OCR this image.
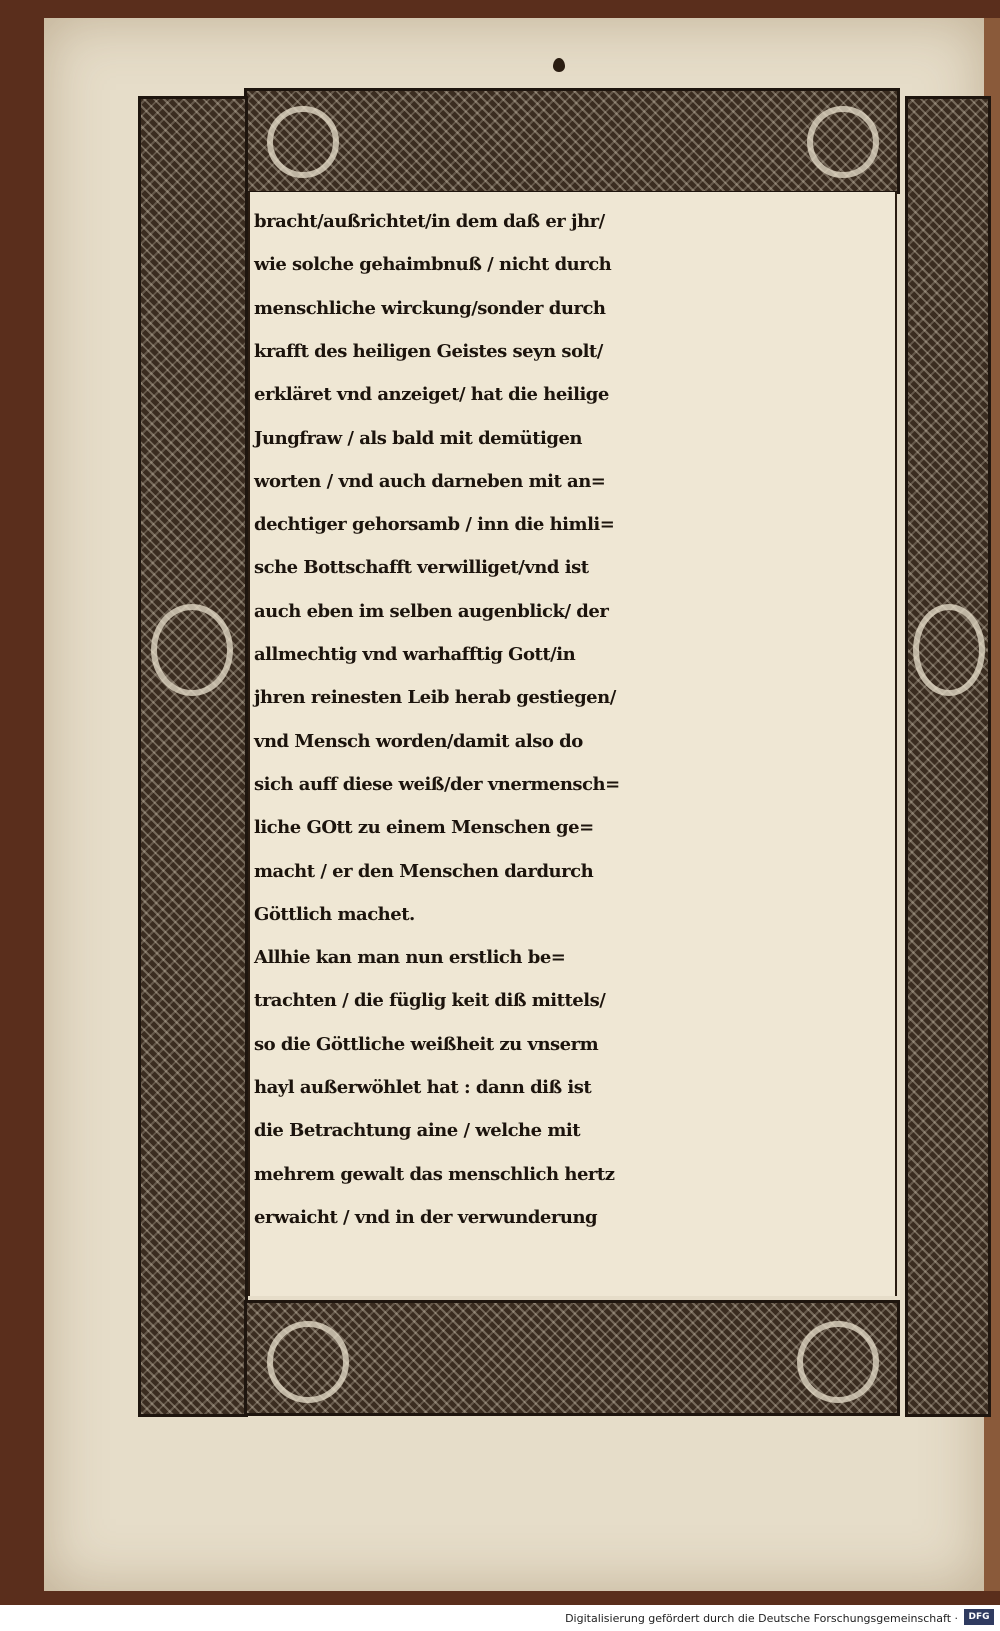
bracht/außrichtet/in dem daß er jhr/
wie solche gehaimbnuß / nicht durch
menschliche wirckung/sonder durch
krafft des heiligen Geistes seyn solt/
erkläret vnd anzeiget/ hat die heilige
Jungfraw / als bald mit demütigen
worten / vnd auch darneben mit an=
dechtiger gehorsamb / inn die himli=
sche Bottschafft verwilliget/vnd ist
auch eben im selben augenblick/ der
allmechtig vnd warhafftig Gott/in
jhren reinesten Leib herab gestiegen/
vnd Mensch worden/damit also do
sich auff diese weiß/der vnermensch=
liche GOtt zu einem Menschen ge=
macht / er den Menschen dardurch
Göttlich machet.
Allhie kan man nun erstlich be=
trachten / die füglig keit diß mittels/
so die Göttliche weißheit zu vnserm
hayl außerwöhlet hat : dann diß ist
die Betrachtung aine / welche mit
mehrem gewalt das menschlich hertz
erwaicht / vnd in der verwunderung
Digitalisierung gefördert durch die Deutsche Forschungsgemeinschaft ·	DFG
